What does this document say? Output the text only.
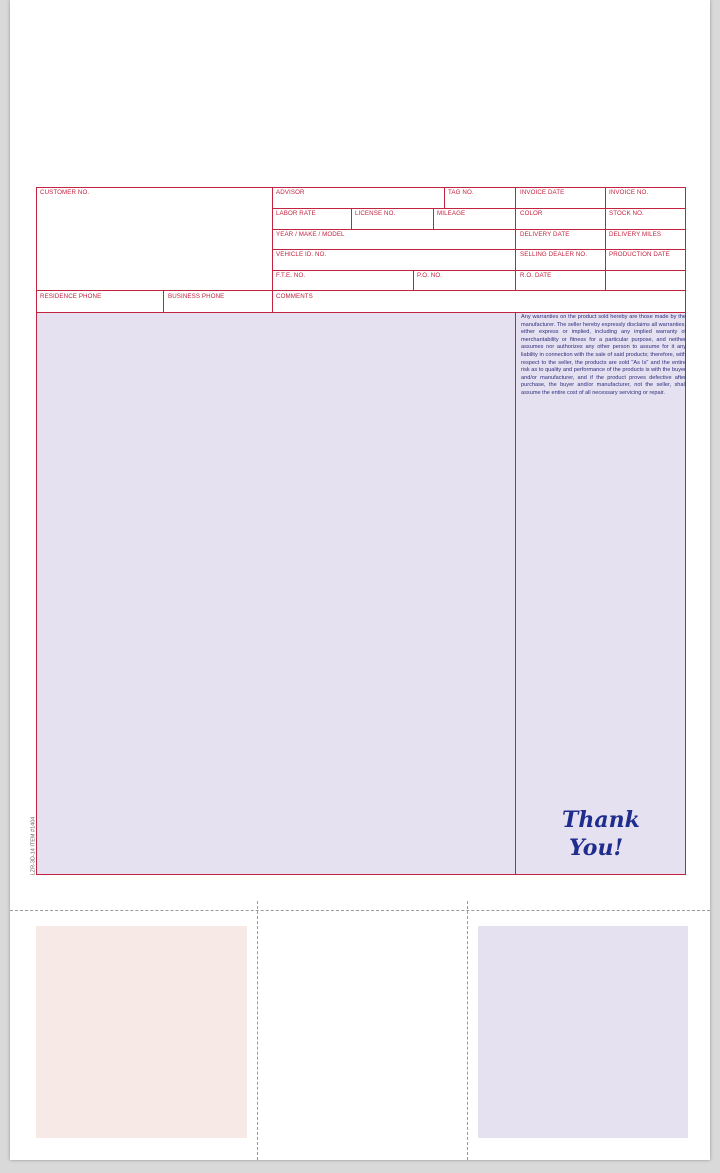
CUSTOMER NO.	ADVISOR	TAG NO.	INVOICE DATE	INVOICE NO.
LABOR RATE	LICENSE NO.	MILEAGE	COLOR	STOCK NO.
YEAR / MAKE / MODEL	DELIVERY DATE	DELIVERY MILES
VEHICLE ID. NO.	SELLING DEALER NO.	PRODUCTION DATE
F.T.E. NO.	P.O. NO.	R.O. DATE
RESIDENCE PHONE	BUSINESS PHONE	COMMENTS
Any warranties on the product sold hereby are those made by the manufacturer. The seller hereby expressly disclaims all warranties, either express or implied, including any implied warranty of merchantability or fitness for a particular purpose, and neither assumes nor authorizes any other person to assume for it any liability in connection with the sale of said products; therefore, with respect to the seller, the products are sold "As Is" and the entire risk as to quality and performance of the products is with the buyer and/or manufacturer, and if the product proves defective after purchase, the buyer and/or manufacturer, not the seller, shall assume the entire cost of all necessary servicing or repair.
Thank
You!
LZR-3D-14 ITEM #1404
